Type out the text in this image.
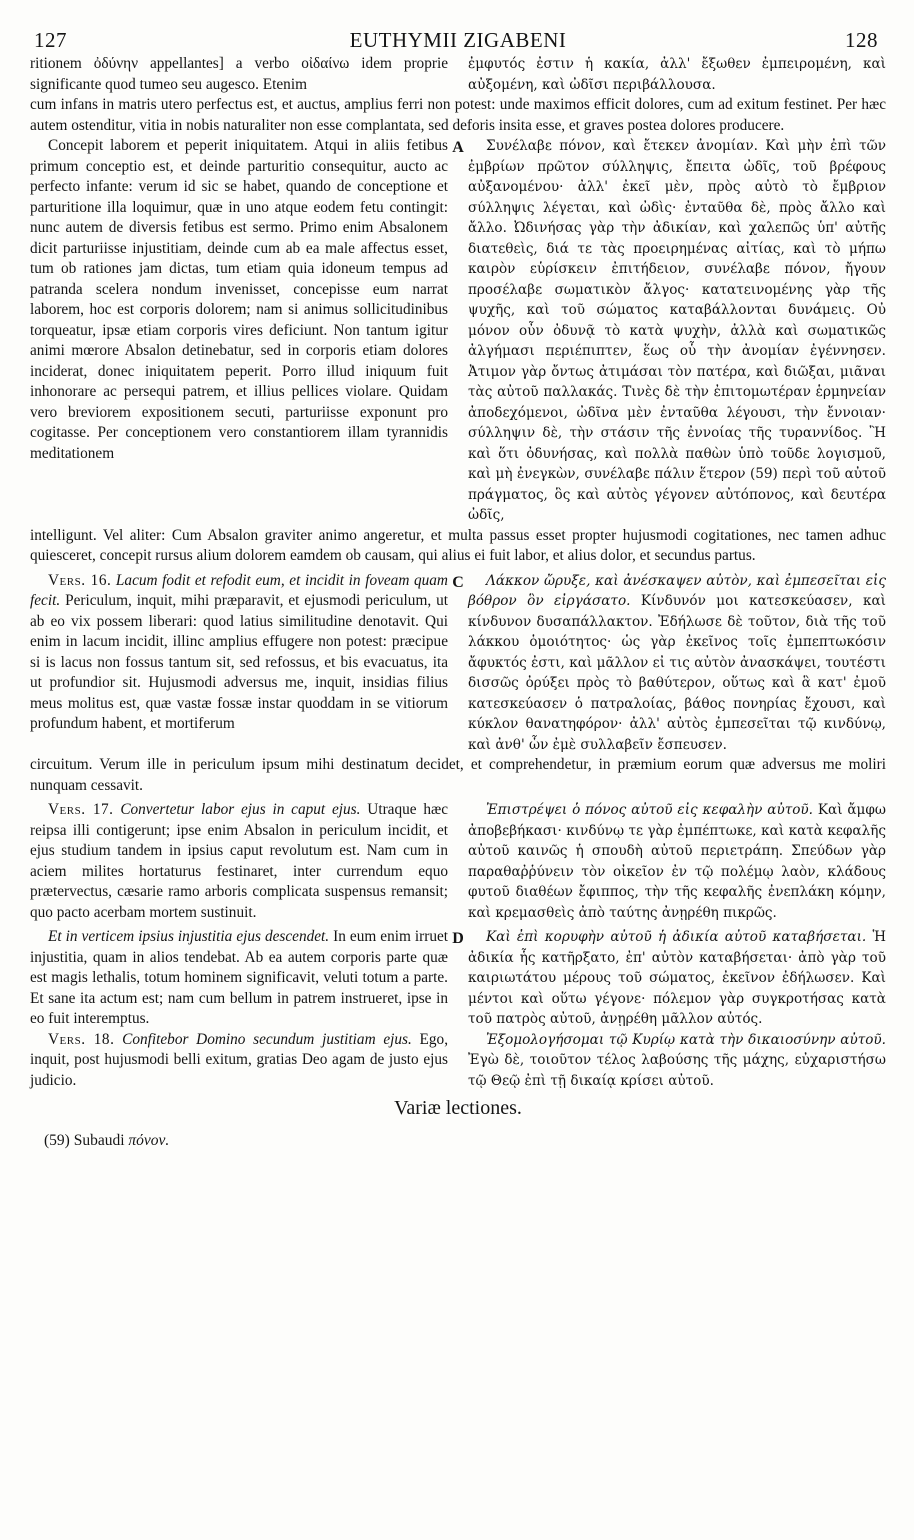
127	EUTHYMII ZIGABENI	128

ritionem ὀδύνην appellantes] a verbo οἰδαίνω idem proprie significante quod tumeo seu augesco. Etenim

ἐμφυτός ἐστιν ἡ κακία, ἀλλ' ἔξωθεν ἐμπειρομένη, καὶ αὐξομένη, καὶ ὠδῖσι περιβάλλουσα.

cum infans in matris utero perfectus est, et auctus, amplius ferri non potest: unde maximos efficit dolores, cum ad exitum festinet. Per hæc autem ostenditur, vitia in nobis naturaliter non esse complantata, sed deforis insita esse, et graves postea dolores producere.

Concepit laborem et peperit iniquitatem. Atqui in aliis fetibus primum conceptio est, et deinde parturitio consequitur, aucto ac perfecto infante: verum id sic se habet, quando de conceptione et parturitione illa loquimur, quæ in uno atque eodem fetu contingit: nunc autem de diversis fetibus est sermo. Primo enim Absalonem dicit parturiisse injustitiam, deinde cum ab ea male affectus esset, tum ob rationes jam dictas, tum etiam quia idoneum tempus ad patranda scelera nondum invenisset, concepisse eum narrat laborem, hoc est corporis dolorem; nam si animus sollicitudinibus torqueatur, ipsæ etiam corporis vires deficiunt. Non tantum igitur animi mœrore Absalon detinebatur, sed in corporis etiam dolores inciderat, donec iniquitatem peperit. Porro illud iniquum fuit inhonorare ac persequi patrem, et illius pellices violare. Quidam vero breviorem expositionem secuti, parturiisse exponunt pro cogitasse. Per conceptionem vero constantiorem illam tyrannidis meditationem

A	Συνέλαβε πόνον, καὶ ἔτεκεν ἀνομίαν. Καὶ μὴν ἐπὶ τῶν ἐμβρίων πρῶτον σύλληψις, ἔπειτα ὠδῖς, τοῦ βρέφους αὐξανομένου· ἀλλ' ἐκεῖ μὲν, πρὸς αὐτὸ τὸ ἔμβριον σύλληψις λέγεται, καὶ ὠδὶς· ἐνταῦθα δὲ, πρὸς ἄλλο καὶ ἄλλο. Ὠδινήσας γὰρ τὴν ἀδικίαν, καὶ χαλεπῶς ὑπ' αὐτῆς διατεθεὶς, διά τε τὰς προειρημένας αἰτίας, καὶ τὸ μήπω καιρὸν εὑρίσκειν ἐπιτήδειον, συνέλαβε πόνον, ἤγουν προσέλαβε σωματικὸν ἄλγος· κατατεινομένης γὰρ τῆς ψυχῆς, καὶ τοῦ σώματος καταβάλλονται δυνάμεις. Οὐ μόνον οὖν ὀδυνᾷ τὸ κατὰ ψυχὴν, ἀλλὰ καὶ σωματικῶς ἀλγήμασι περιέπιπτεν, ἕως οὗ τὴν ἀνομίαν ἐγέννησεν. Ἀτιμον γὰρ ὄντως ἀτιμάσαι τὸν πατέρα, καὶ διῶξαι, μιᾶναι τὰς αὐτοῦ παλλακάς. Τινὲς δὲ τὴν ἐπιτομωτέραν ἑρμηνείαν ἀποδεχόμενοι, ὠδῖνα μὲν ἐνταῦθα λέγουσι, τὴν ἔννοιαν· σύλληψιν δὲ, τὴν στάσιν τῆς ἐννοίας τῆς τυραννίδος. Ἢ καὶ ὅτι ὀδυνήσας, καὶ πολλὰ παθὼν ὑπὸ τοῦδε λογισμοῦ, καὶ μὴ ἐνεγκὼν, συνέλαβε πάλιν ἕτερον (59) περὶ τοῦ αὐτοῦ πράγματος, ὃς καὶ αὐτὸς γέγονεν αὐτόπονος, καὶ δευτέρα ὠδῖς,

intelligunt. Vel aliter: Cum Absalon graviter animo angeretur, et multa passus esset propter hujusmodi cogitationes, nec tamen adhuc quiesceret, concepit rursus alium dolorem eamdem ob causam, qui alius ei fuit labor, et alius dolor, et secundus partus.

Vers. 16. Lacum fodit et refodit eum, et incidit in foveam quam fecit. Periculum, inquit, mihi præparavit, et ejusmodi periculum, ut ab eo vix possem liberari: quod latius similitudine denotavit. Qui enim in lacum incidit, illinc amplius effugere non potest: præcipue si is lacus non fossus tantum sit, sed refossus, et bis evacuatus, ita ut profundior sit. Hujusmodi adversus me, inquit, insidias filius meus molitus est, quæ vastæ fossæ instar quoddam in se vitiorum profundum habent, et mortiferum

C	Λάκκον ὤρυξε, καὶ ἀνέσκαψεν αὐτὸν, καὶ ἐμπεσεῖται εἰς βόθρον ὃν εἰργάσατο. Κίνδυνόν μοι κατεσκεύασεν, καὶ κίνδυνον δυσαπάλλακτον. Ἐδήλωσε δὲ τοῦτον, διὰ τῆς τοῦ λάκκου ὁμοιότητος· ὡς γὰρ ἐκεῖνος τοῖς ἐμπεπτωκόσιν ἄφυκτός ἐστι, καὶ μᾶλλον εἰ τις αὐτὸν ἀνασκάψει, τουτέστι δισσῶς ὀρύξει πρὸς τὸ βαθύτερον, οὕτως καὶ ἃ κατ' ἐμοῦ κατεσκεύασεν ὁ πατραλοίας, βάθος πονηρίας ἔχουσι, καὶ κύκλον θανατηφόρον· ἀλλ' αὐτὸς ἐμπεσεῖται τῷ κινδύνῳ, καὶ ἀνθ' ὧν ἐμὲ συλλαβεῖν ἔσπευσεν.

circuitum. Verum ille in periculum ipsum mihi destinatum decidet, et comprehendetur, in præmium eorum quæ adversus me moliri nunquam cessavit.

Vers. 17. Convertetur labor ejus in caput ejus. Utraque hæc reipsa illi contigerunt; ipse enim Absalon in periculum incidit, et ejus studium tandem in ipsius caput revolutum est. Nam cum in aciem milites hortaturus festinaret, inter currendum equo prætervectus, cæsarie ramo arboris complicata suspensus remansit; quo pacto acerbam mortem sustinuit.

Ἐπιστρέψει ὁ πόνος αὐτοῦ εἰς κεφαλὴν αὐτοῦ. Καὶ ἄμφω ἀποβεβήκασι· κινδύνῳ τε γὰρ ἐμπέπτωκε, καὶ κατὰ κεφαλῆς αὐτοῦ καινῶς ἡ σπουδὴ αὐτοῦ περιετράπη. Σπεύδων γὰρ παραθαῤῥύνειν τὸν οἰκεῖον ἐν τῷ πολέμῳ λαὸν, κλάδους φυτοῦ διαθέων ἔφιππος, τὴν τῆς κεφαλῆς ἐνεπλάκη κόμην, καὶ κρεμασθεὶς ἀπὸ ταύτης ἀνῃρέθη πικρῶς.

Et in verticem ipsius injustitia ejus descendet. In eum enim irruet injustitia, quam in alios tendebat. Ab ea autem corporis parte quæ est magis lethalis, totum hominem significavit, veluti totum a parte. Et sane ita actum est; nam cum bellum in patrem instrueret, ipse in eo fuit interemptus.

Vers. 18. Confitebor Domino secundum justitiam ejus. Ego, inquit, post hujusmodi belli exitum, gratias Deo agam de justo ejus judicio.

D	Καὶ ἐπὶ κορυφὴν αὐτοῦ ἡ ἀδικία αὐτοῦ καταβήσεται. Ἡ ἀδικία ἧς κατῆρξατο, ἐπ' αὐτὸν καταβήσεται· ἀπὸ γὰρ τοῦ καιριωτάτου μέρους τοῦ σώματος, ἐκεῖνον ἐδήλωσεν. Καὶ μέντοι καὶ οὕτω γέγονε· πόλεμον γὰρ συγκροτήσας κατὰ τοῦ πατρὸς αὐτοῦ, ἀνῃρέθη μᾶλλον αὐτός.

Ἐξομολογήσομαι τῷ Κυρίῳ κατὰ τὴν δικαιοσύνην αὐτοῦ. Ἐγὼ δὲ, τοιοῦτον τέλος λαβούσης τῆς μάχης, εὐχαριστήσω τῷ Θεῷ ἐπὶ τῇ δικαίᾳ κρίσει αὐτοῦ.

Variæ lectiones.
(59) Subaudi πόνον.
